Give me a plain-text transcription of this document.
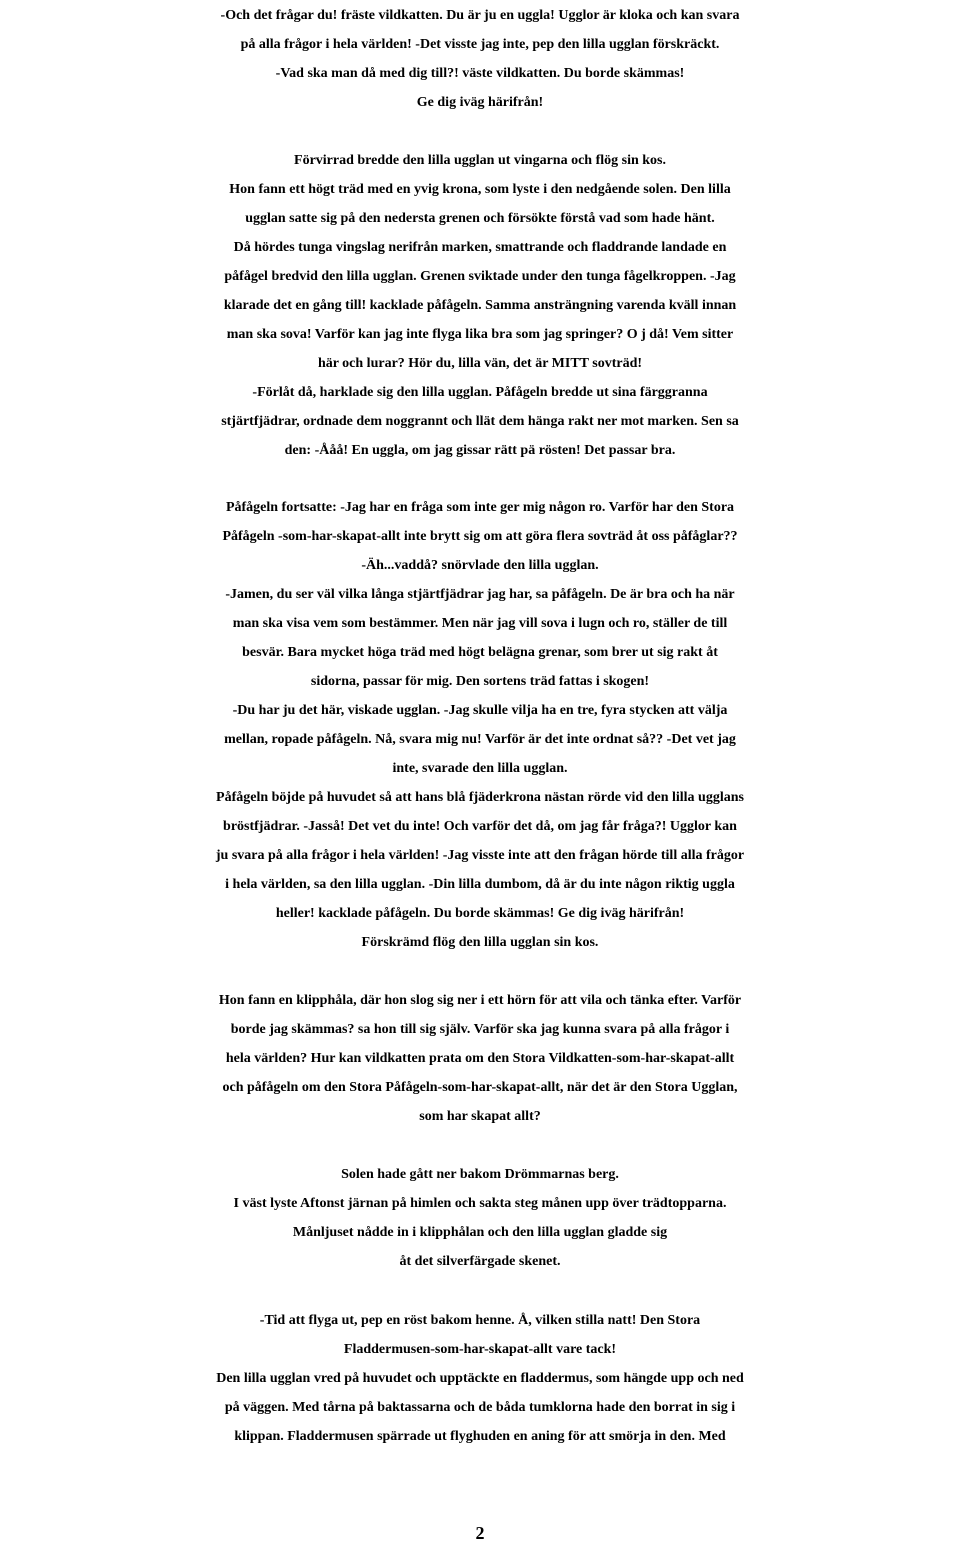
-Och det frågar du! fräste vildkatten. Du är ju en uggla! Ugglor är kloka och kan svara
på alla frågor i hela världen! -Det visste jag inte, pep den lilla ugglan förskräckt.
-Vad ska man då med dig till?! väste vildkatten. Du borde skämmas!
Ge dig iväg härifrån!
Förvirrad bredde den lilla ugglan ut vingarna och flög sin kos.
Hon fann ett högt träd med en yvig krona, som lyste i den nedgående solen. Den lilla
ugglan satte sig på den nedersta grenen och försökte förstå vad som hade hänt.
Då hördes tunga vingslag nerifrån marken, smattrande och fladdrande landade en
påfågel bredvid den lilla ugglan. Grenen sviktade under den tunga fågelkroppen. -Jag
klarade det en gång till! kacklade påfågeln. Samma ansträngning varenda kväll innan
man ska sova! Varför kan jag inte flyga lika bra som jag springer? O j då! Vem sitter
här och lurar? Hör du, lilla vän, det är MITT sovträd!
-Förlåt då, harklade sig den lilla ugglan. Påfågeln bredde ut sina färggranna
stjärtfjädrar, ordnade dem noggrannt och llät dem hänga rakt ner mot marken. Sen sa
den: -Ååå! En uggla, om jag gissar rätt pä rösten! Det passar bra.
Påfågeln fortsatte: -Jag har en fråga som inte ger mig någon ro. Varför har den Stora
Påfågeln -som-har-skapat-allt inte brytt sig om att göra flera sovträd åt oss påfåglar??
-Äh...vaddå? snörvlade den lilla ugglan.
-Jamen, du ser väl vilka långa stjärtfjädrar jag har, sa påfågeln. De är bra och ha när
man ska visa vem som bestämmer. Men när jag vill sova i lugn och ro, ställer de till
besvär. Bara mycket höga träd med högt belägna grenar, som brer ut sig rakt åt
sidorna, passar för mig. Den sortens träd fattas i skogen!
-Du har ju det här, viskade ugglan. -Jag skulle vilja ha en tre, fyra stycken att välja
mellan, ropade påfågeln. Nå, svara mig nu! Varför är det inte ordnat så?? -Det vet jag
inte, svarade den lilla ugglan.
Påfågeln böjde på huvudet så att hans blå fjäderkrona nästan rörde vid den lilla ugglans
bröstfjädrar. -Jasså! Det vet du inte! Och varför det då, om jag får fråga?! Ugglor kan
ju svara på alla frågor i hela världen! -Jag visste inte att den frågan hörde till alla frågor
i hela världen, sa den lilla ugglan. -Din lilla dumbom, då är du inte någon riktig uggla
heller! kacklade påfågeln. Du borde skämmas! Ge dig iväg härifrån!
Förskrämd flög den lilla ugglan sin kos.
Hon fann en klipphåla, där hon slog sig ner i ett hörn för att vila och tänka efter. Varför
borde jag skämmas? sa hon till sig själv. Varför ska jag kunna svara på alla frågor i
hela världen? Hur kan vildkatten prata om den Stora Vildkatten-som-har-skapat-allt
och påfågeln om den Stora Påfågeln-som-har-skapat-allt, när det är den Stora Ugglan,
som har skapat allt?
Solen hade gått ner bakom Drömmarnas berg.
I väst lyste Aftonst järnan på himlen och sakta steg månen upp över trädtopparna.
Månljuset nådde in i klipphålan och den lilla ugglan gladde sig
åt det silverfärgade skenet.
-Tid att flyga ut, pep en röst bakom henne. Å, vilken stilla natt! Den Stora
Fladdermusen-som-har-skapat-allt vare tack!
Den lilla ugglan vred på huvudet och upptäckte en fladdermus, som hängde upp och ned
på väggen. Med tårna på baktassarna och de båda tumklorna hade den borrat in sig i
klippan. Fladdermusen spärrade ut flyghuden en aning för att smörja in den. Med
2
